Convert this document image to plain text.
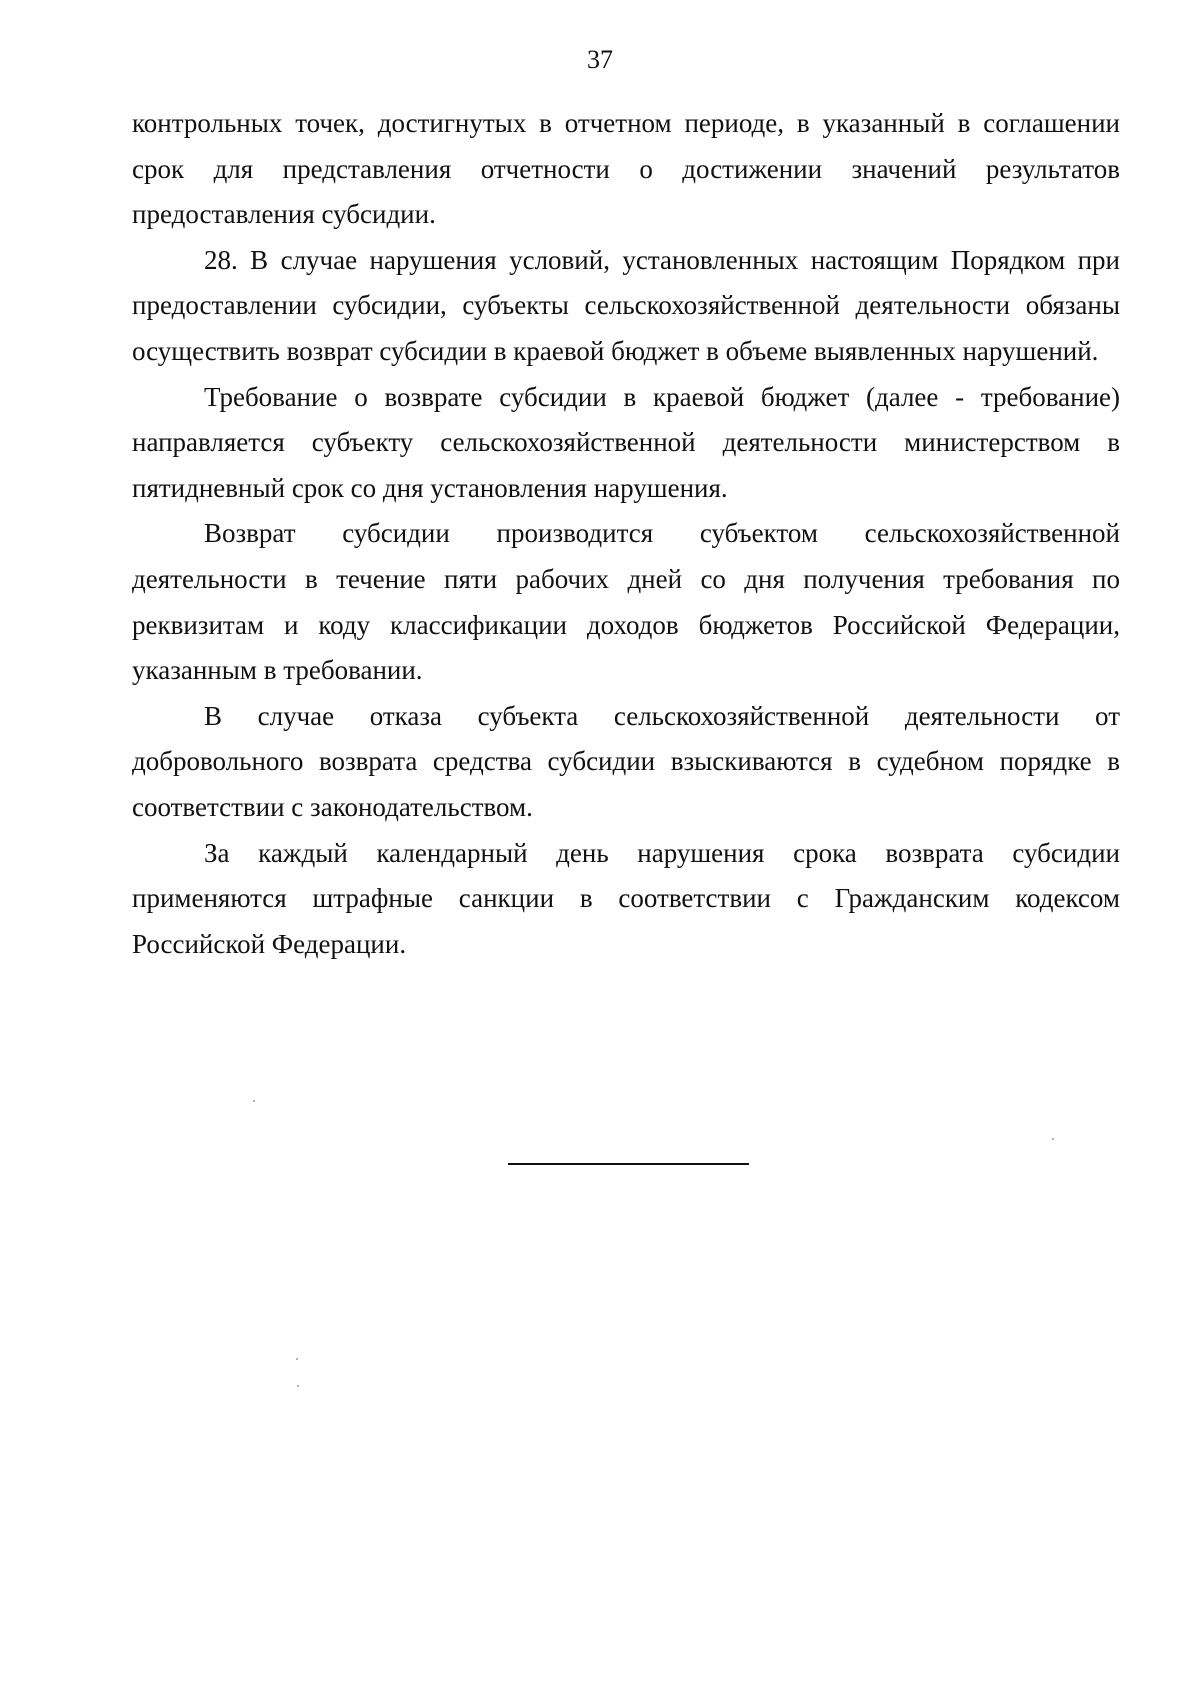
37

контрольных точек, достигнутых в отчетном периоде, в указанный в соглашении срок для представления отчетности о достижении значений результатов предоставления субсидии.

28. В случае нарушения условий, установленных настоящим Порядком при предоставлении субсидии, субъекты сельскохозяйственной деятельности обязаны осуществить возврат субсидии в краевой бюджет в объеме выявленных нарушений.

Требование о возврате субсидии в краевой бюджет (далее - требование) направляется субъекту сельскохозяйственной деятельности министерством в пятидневный срок со дня установления нарушения.

Возврат субсидии производится субъектом сельскохозяйственной деятельности в течение пяти рабочих дней со дня получения требования по реквизитам и коду классификации доходов бюджетов Российской Федерации, указанным в требовании.

В случае отказа субъекта сельскохозяйственной деятельности от добровольного возврата средства субсидии взыскиваются в судебном порядке в соответствии с законодательством.

За каждый календарный день нарушения срока возврата субсидии применяются штрафные санкции в соответствии с Гражданским кодексом Российской Федерации.
